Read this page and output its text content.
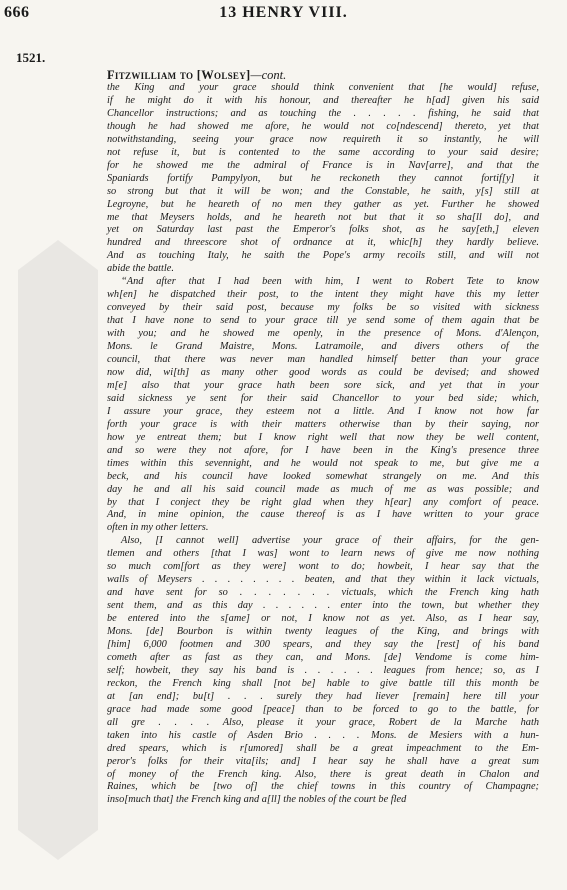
666	13 HENRY VIII.
1521.
Fitzwilliam to [Wolsey]—cont.
the King and your grace should think convenient that [he would] refuse,
if he might do it with his honour, and thereafter he h[ad] given his said
Chancellor instructions; and as touching the . . . . . fishing, he said that
though he had showed me afore, he would not co[ndescend] thereto, yet that
notwithstanding, seeing your grace now requireth it so instantly, he will
not refuse it, but is contented to the same according to your said desire;
for he showed me the admiral of France is in Nav[arre], and that the
Spaniards fortify Pampylyon, but he reckoneth they cannot fortif[y] it
so strong but that it will be won; and the Constable, he saith, y[s] still at
Legroyne, but he heareth of no men they gather as yet. Further he showed
me that Meysers holds, and he heareth not but that it so sha[ll do], and
yet on Saturday last past the Emperor's folks shot, as he say[eth,] eleven
hundred and threescore shot of ordnance at it, whic[h] they hardly believe.
And as touching Italy, he saith the Pope's army recoils still, and will not
abide the battle.
“And after that I had been with him, I went to Robert Tete to know
wh[en] he dispatched their post, to the intent they might have this my letter
conveyed by their said post, because my folks be so visited with sickness
that I have none to send to your grace till ye send some of them again that be
with you; and he showed me openly, in the presence of Mons. d'Alençon,
Mons. le Grand Maistre, Mons. Latramoile, and divers others of the
council, that there was never man handled himself better than your grace
now did, wi[th] as many other good words as could be devised; and showed
m[e] also that your grace hath been sore sick, and yet that in your
said sickness ye sent for their said Chancellor to your bed side; which,
I assure your grace, they esteem not a little. And I know not how far
forth your grace is with their matters otherwise than by their saying, nor
how ye entreat them; but I know right well that now they be well content,
and so were they not afore, for I have been in the King's presence three
times within this sevennight, and he would not speak to me, but give me a
beck, and his council have looked somewhat strangely on me. And this
day he and all his said council made as much of me as was possible; and
by that I conject they be right glad when they h[ear] any comfort of peace.
And, in mine opinion, the cause thereof is as I have written to your grace
often in my other letters.
Also, [I cannot well] advertise your grace of their affairs, for the gen-
tlemen and others [that I was] wont to learn news of give me now nothing
so much com[fort as they were] wont to do; howbeit, I hear say that the
walls of Meysers . . . . . . . . beaten, and that they within it lack victuals,
and have sent for so . . . . . . . victuals, which the French king hath
sent them, and as this day . . . . . . enter into the town, but whether they
be entered into the s[ame] or not, I know not as yet. Also, as I hear say,
Mons. [de] Bourbon is within twenty leagues of the King, and brings with
[him] 6,000 footmen and 300 spears, and they say the [rest] of his band
cometh after as fast as they can, and Mons. [de] Vendome is come him-
self; howbeit, they say his band is . . . . . . leagues from hence; so, as I
reckon, the French king shall [not be] hable to give battle till this month be
at [an end]; bu[t] . . . surely they had liever [remain] here till your
grace had made some good [peace] than to be forced to go to the battle, for
all gre . . . . Also, please it your grace, Robert de la Marche hath
taken into his castle of Asden Brio . . . . Mons. de Mesiers with a hun-
dred spears, which is r[umored] shall be a great impeachment to the Em-
peror's folks for their vita[ils; and] I hear say he shall have a great sum
of money of the French king. Also, there is great death in Chalon and
Raines, which be [two of] the chief towns in this country of Champagne;
inso[much that] the French king and a[ll] the nobles of the court be fled
